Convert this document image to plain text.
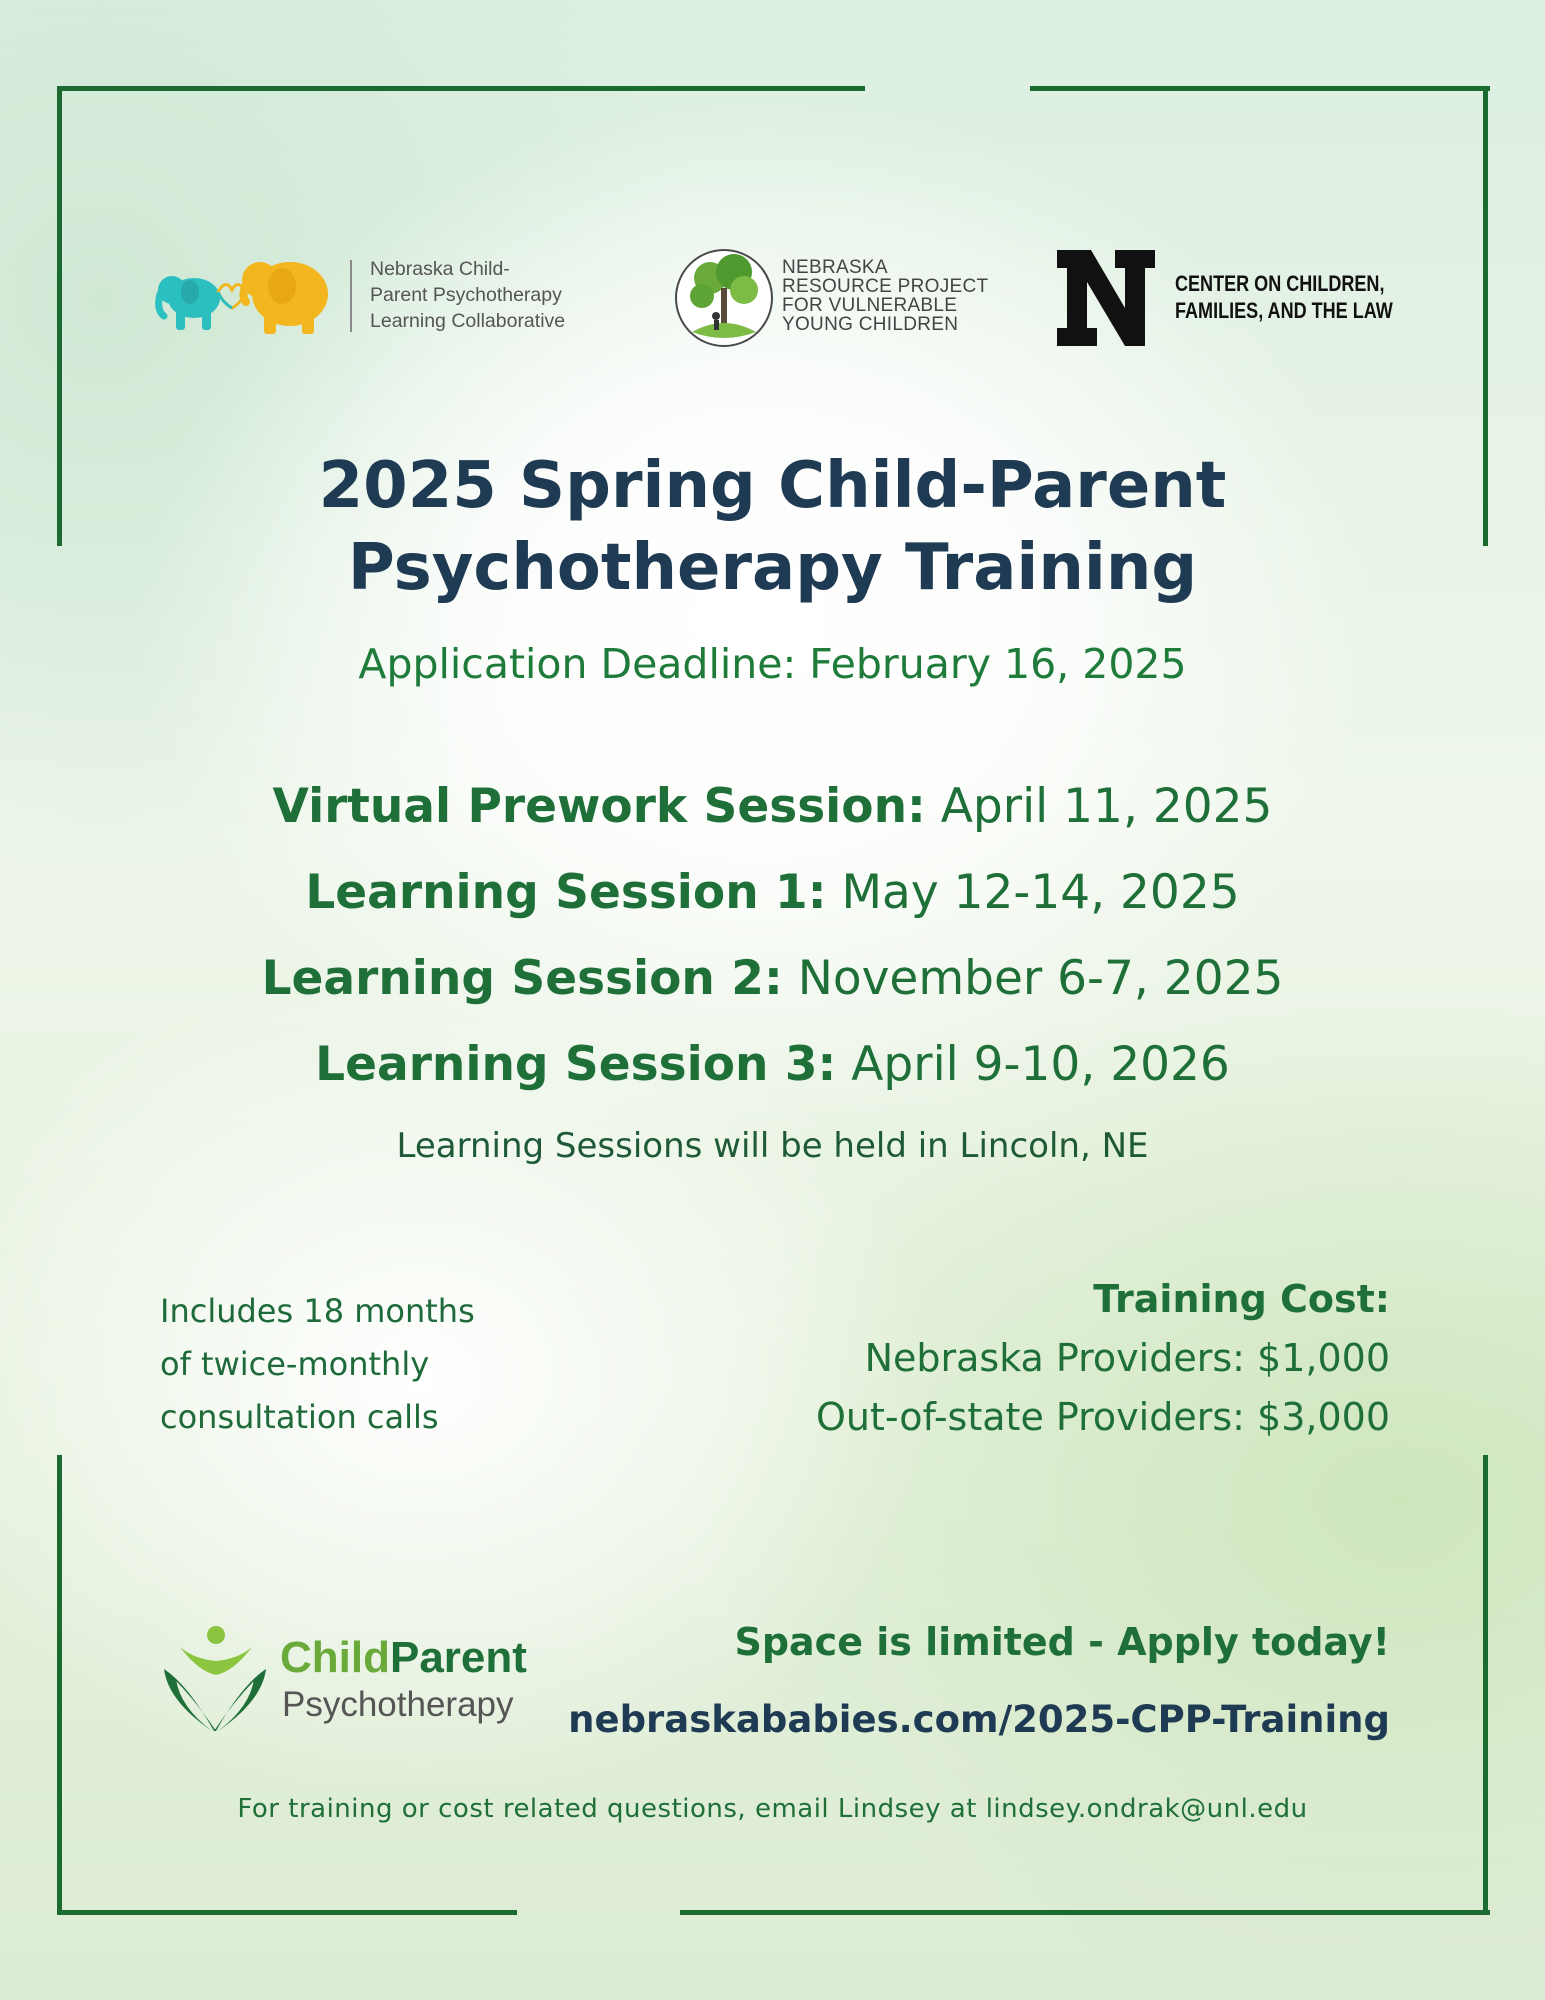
Nebraska Child-
Parent Psychotherapy
Learning Collaborative
NEBRASKA
RESOURCE PROJECT
FOR VULNERABLE
YOUNG CHILDREN
CENTER ON CHILDREN,
FAMILIES, AND THE LAW
2025 Spring Child-Parent
Psychotherapy Training
Application Deadline: February 16, 2025
Virtual Prework Session: April 11, 2025
Learning Session 1: May 12-14, 2025
Learning Session 2: November 6-7, 2025
Learning Session 3: April 9-10, 2026
Learning Sessions will be held in Lincoln, NE
Includes 18 months
of twice-monthly
consultation calls
Training Cost:
Nebraska Providers: $1,000
Out-of-state Providers: $3,000
ChildParent
Psychotherapy
Space is limited - Apply today!
nebraskababies.com/2025-CPP-Training
For training or cost related questions, email Lindsey at lindsey.ondrak@unl.edu
